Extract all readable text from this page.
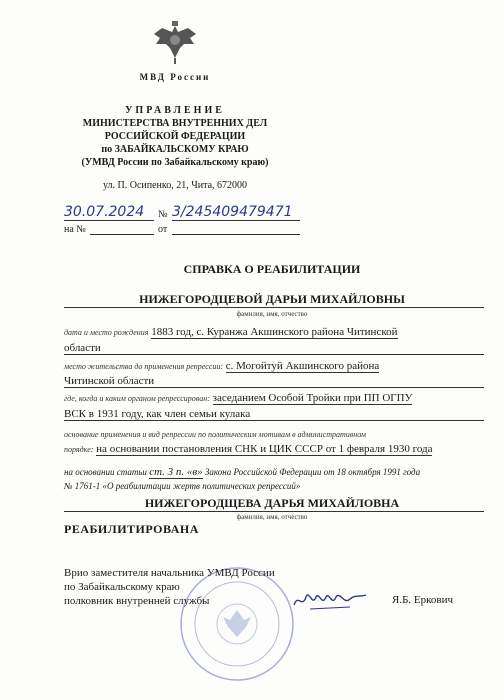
МВД России
УПРАВЛЕНИЕ
МИНИСТЕРСТВА ВНУТРЕННИХ ДЕЛ
РОССИЙСКОЙ ФЕДЕРАЦИИ
по ЗАБАЙКАЛЬСКОМУ КРАЮ
(УМВД России по Забайкальскому краю)
ул. П. Осипенко, 21, Чита, 672000
30.07.2024	№ 3/245409479471
на №	от
СПРАВКА О РЕАБИЛИТАЦИИ
НИЖЕГОРОДЦЕВОЙ ДАРЬИ МИХАЙЛОВНЫ
фамилия, имя, отчество
дата и место рождения 1883 год, с. Куранжа Акшинского района Читинской
области
место жительства до применения репрессии: с. Могойтуй Акшинского района
Читинской области
где, когда и каким органом репрессирован: заседанием Особой Тройки при ПП ОГПУ
ВСК в 1931 году, как член семьи кулака
основание применения и вид репрессии по политическим мотивам в административном
порядке: на основании постановления СНК и ЦИК СССР от 1 февраля 1930 года
на основании статьи ст. 3 п. «в» Закона Российской Федерации от 18 октября 1991 года
№ 1761-1 «О реабилитации жертв политических репрессий»
НИЖЕГОРОДЩЕВА ДАРЬЯ МИХАЙЛОВНА
фамилия, имя, отчество
РЕАБИЛИТИРОВАНА
Врио заместителя начальника УМВД России
по Забайкальскому краю
полковник внутренней службы	Я.Б. Еркович
